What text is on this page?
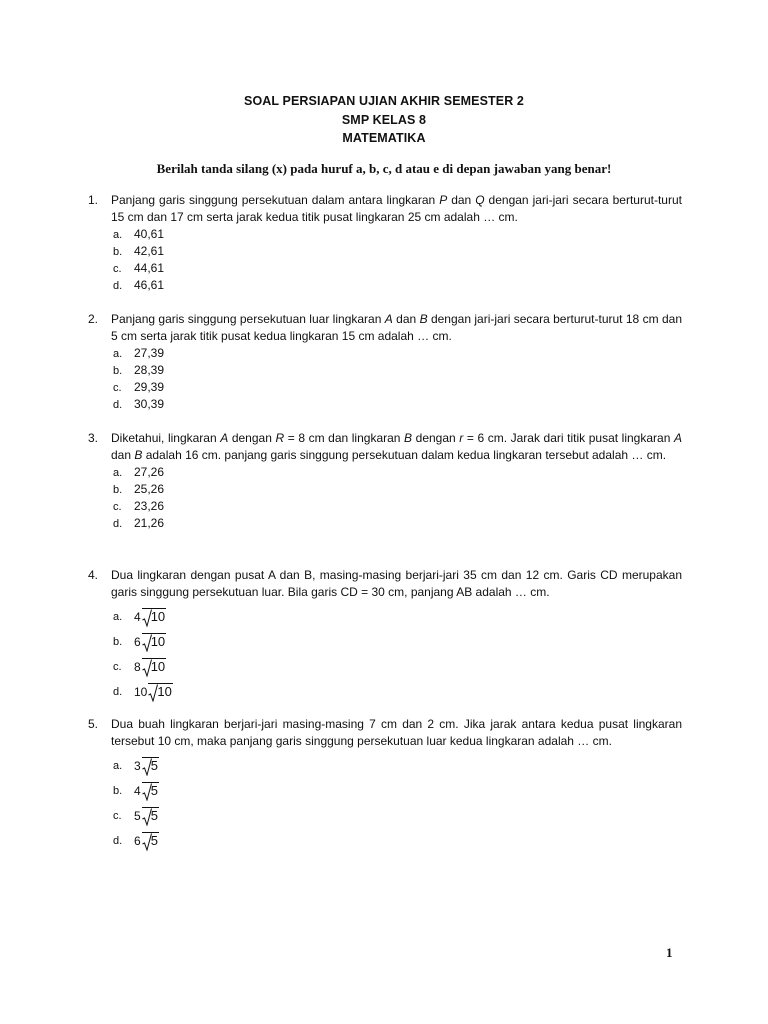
SOAL PERSIAPAN UJIAN AKHIR SEMESTER 2
SMP KELAS 8
MATEMATIKA
Berilah tanda silang (x) pada huruf a, b, c, d atau e di depan jawaban yang benar!
1.	Panjang garis singgung persekutuan dalam antara lingkaran P dan Q dengan jari-jari secara berturut-turut 15 cm dan 17 cm serta jarak kedua titik pusat lingkaran 25 cm adalah … cm.
a. 40,61
b. 42,61
c. 44,61
d. 46,61
2.	Panjang garis singgung persekutuan luar lingkaran A dan B dengan jari-jari secara berturut-turut 18 cm dan 5 cm serta jarak titik pusat kedua lingkaran 15 cm adalah … cm.
a. 27,39
b. 28,39
c. 29,39
d. 30,39
3.	Diketahui, lingkaran A dengan R = 8 cm dan lingkaran B dengan r = 6 cm. Jarak dari titik pusat lingkaran A dan B adalah 16 cm. panjang garis singgung persekutuan dalam kedua lingkaran tersebut adalah … cm.
a. 27,26
b. 25,26
c. 23,26
d. 21,26
4.	Dua lingkaran dengan pusat A dan B, masing-masing berjari-jari 35 cm dan 12 cm. Garis CD merupakan garis singgung persekutuan luar. Bila garis CD = 30 cm, panjang AB adalah … cm.
a. 4 10
b. 6 10
c.	8 10
d. 10 10
5.	Dua buah lingkaran berjari-jari masing-masing 7 cm dan 2 cm. Jika jarak antara kedua pusat lingkaran tersebut 10 cm, maka panjang garis singgung persekutuan luar kedua lingkaran adalah … cm.
a. 3 5
b. 4 5
c.	5 5
d. 6 5
1
